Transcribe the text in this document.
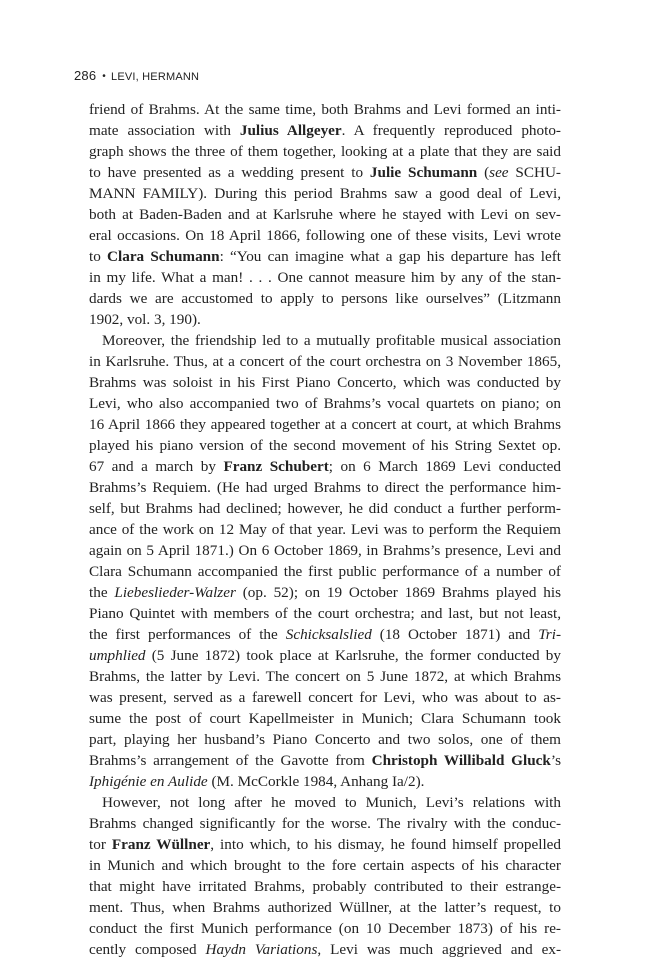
286 • LEVI, HERMANN
friend of Brahms. At the same time, both Brahms and Levi formed an inti-
mate association with Julius Allgeyer. A frequently reproduced photo-
graph shows the three of them together, looking at a plate that they are said
to have presented as a wedding present to Julie Schumann (see SCHU-
MANN FAMILY). During this period Brahms saw a good deal of Levi,
both at Baden-Baden and at Karlsruhe where he stayed with Levi on sev-
eral occasions. On 18 April 1866, following one of these visits, Levi wrote
to Clara Schumann: “You can imagine what a gap his departure has left
in my life. What a man! . . . One cannot measure him by any of the stan-
dards we are accustomed to apply to persons like ourselves” (Litzmann
1902, vol. 3, 190).
Moreover, the friendship led to a mutually profitable musical association
in Karlsruhe. Thus, at a concert of the court orchestra on 3 November 1865,
Brahms was soloist in his First Piano Concerto, which was conducted by
Levi, who also accompanied two of Brahms’s vocal quartets on piano; on
16 April 1866 they appeared together at a concert at court, at which Brahms
played his piano version of the second movement of his String Sextet op.
67 and a march by Franz Schubert; on 6 March 1869 Levi conducted
Brahms’s Requiem. (He had urged Brahms to direct the performance him-
self, but Brahms had declined; however, he did conduct a further perform-
ance of the work on 12 May of that year. Levi was to perform the Requiem
again on 5 April 1871.) On 6 October 1869, in Brahms’s presence, Levi and
Clara Schumann accompanied the first public performance of a number of
the Liebeslieder-Walzer (op. 52); on 19 October 1869 Brahms played his
Piano Quintet with members of the court orchestra; and last, but not least,
the first performances of the Schicksalslied (18 October 1871) and Tri-
umphlied (5 June 1872) took place at Karlsruhe, the former conducted by
Brahms, the latter by Levi. The concert on 5 June 1872, at which Brahms
was present, served as a farewell concert for Levi, who was about to as-
sume the post of court Kapellmeister in Munich; Clara Schumann took
part, playing her husband’s Piano Concerto and two solos, one of them
Brahms’s arrangement of the Gavotte from Christoph Willibald Gluck’s
Iphigénie en Aulide (M. McCorkle 1984, Anhang Ia/2).
However, not long after he moved to Munich, Levi’s relations with
Brahms changed significantly for the worse. The rivalry with the conduc-
tor Franz Wüllner, into which, to his dismay, he found himself propelled
in Munich and which brought to the fore certain aspects of his character
that might have irritated Brahms, probably contributed to their estrange-
ment. Thus, when Brahms authorized Wüllner, at the latter’s request, to
conduct the first Munich performance (on 10 December 1873) of his re-
cently composed Haydn Variations, Levi was much aggrieved and ex-
